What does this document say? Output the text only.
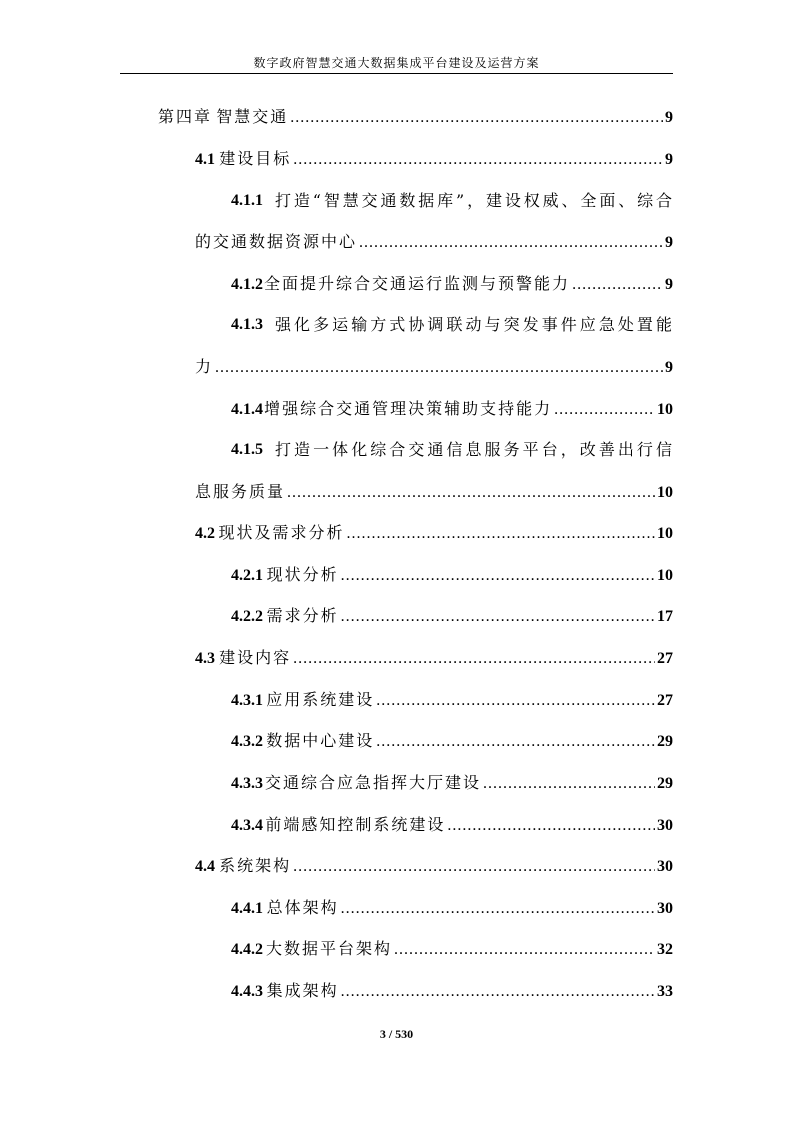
数字政府智慧交通大数据集成平台建设及运营方案
第四章 智慧交通 .....	9
4.1 建设目标 .....	9
4.1.1 打造“智慧交通数据库”，建设权威、全面、综合
的交通数据资源中心 .....	9
4.1.2 全面提升综合交通运行监测与预警能力 .....	9
4.1.3 强化多运输方式协调联动与突发事件应急处置能
力 .....	9
4.1.4 增强综合交通管理决策辅助支持能力 .....	10
4.1.5 打造一体化综合交通信息服务平台，改善出行信
息服务质量 .....	10
4.2 现状及需求分析 .....	10
4.2.1 现状分析 .....	10
4.2.2 需求分析 .....	17
4.3 建设内容 .....	27
4.3.1 应用系统建设 .....	27
4.3.2 数据中心建设 .....	29
4.3.3 交通综合应急指挥大厅建设 .....	29
4.3.4 前端感知控制系统建设 .....	30
4.4 系统架构 .....	30
4.4.1 总体架构 .....	30
4.4.2 大数据平台架构 .....	32
4.4.3 集成架构 .....	33
3 / 530
